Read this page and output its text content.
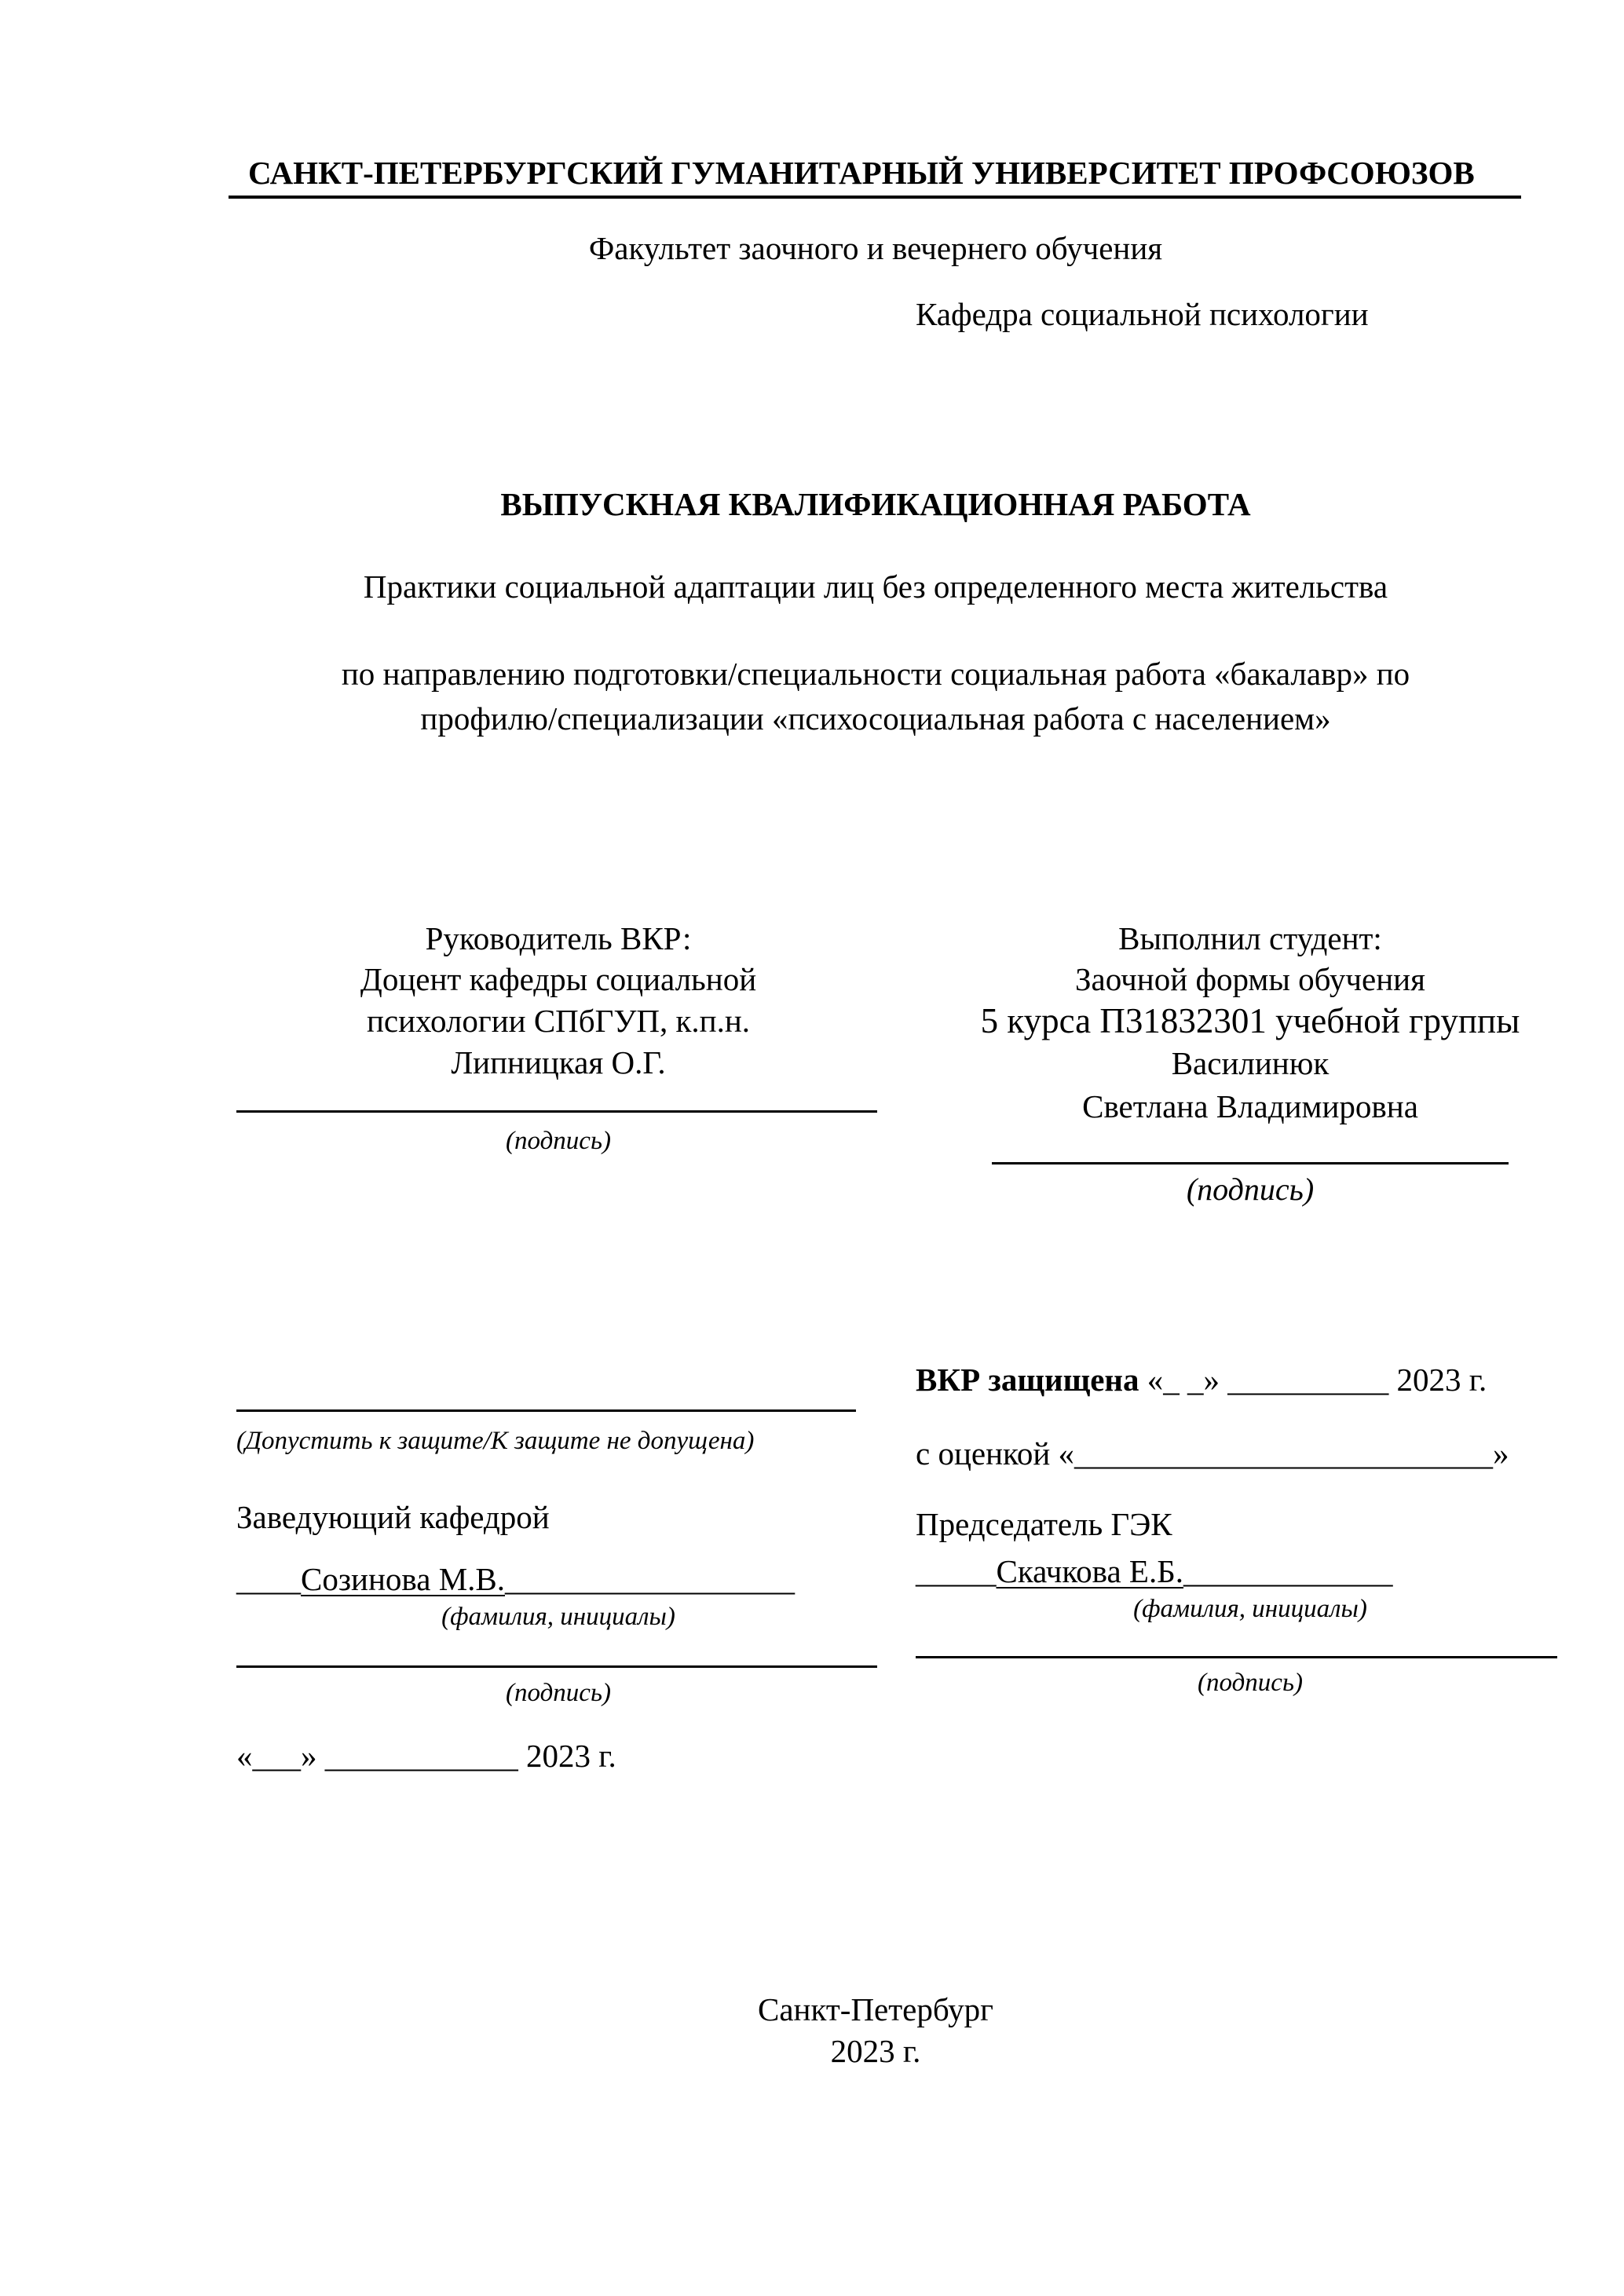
САНКТ-ПЕТЕРБУРГСКИЙ ГУМАНИТАРНЫЙ УНИВЕРСИТЕТ ПРОФСОЮЗОВ
Факультет заочного и вечернего обучения
Кафедра социальной психологии
ВЫПУСКНАЯ КВАЛИФИКАЦИОННАЯ РАБОТА
Практики социальной адаптации лиц без определенного места жительства
по направлению подготовки/специальности социальная работа «бакалавр» по
профилю/специализации «психосоциальная работа с населением»
Руководитель ВКР:
Доцент кафедры социальной
психологии СПбГУП, к.п.н.
Липницкая О.Г.
(подпись)
Выполнил студент:
Заочной формы обучения
5 курса П31832301 учебной группы
Василинюк
Светлана Владимировна
(подпись)
(Допустить к защите/К защите не допущена)
Заведующий кафедрой
____Созинова М.В.__________________
(фамилия, инициалы)
(подпись)
«___» ____________ 2023 г.
ВКР защищена «_ _» __________ 2023 г.
с оценкой «__________________________»
Председатель ГЭК
_____Скачкова Е.Б._____________
(фамилия, инициалы)
(подпись)
Санкт-Петербург
2023 г.
